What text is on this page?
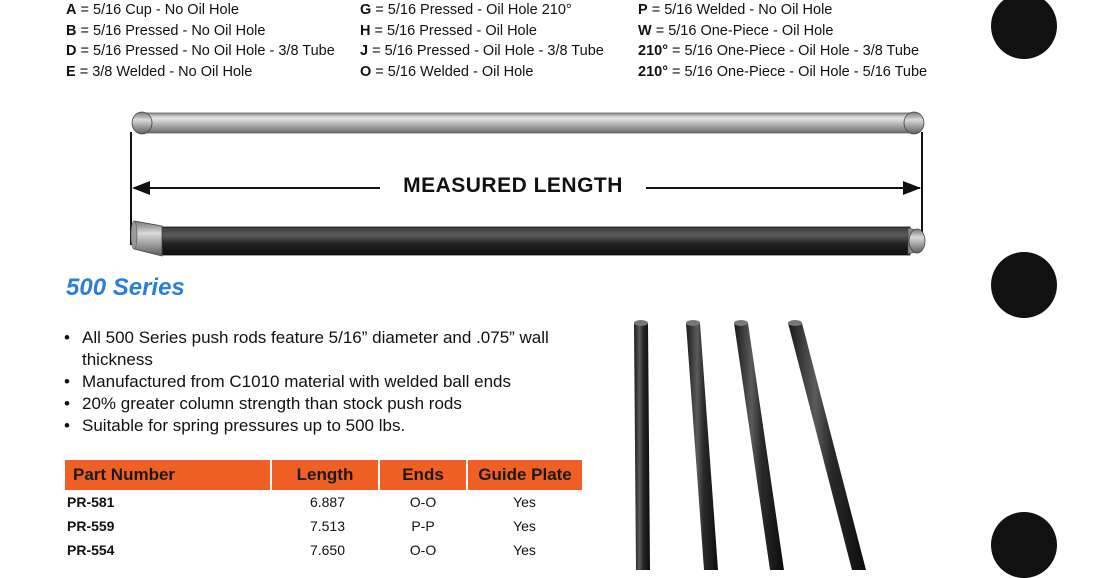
A = 5/16 Cup - No Oil Hole
B = 5/16 Pressed - No Oil Hole
D = 5/16 Pressed - No Oil Hole - 3/8 Tube
E = 3/8 Welded - No Oil Hole
G = 5/16 Pressed - Oil Hole 210°
H = 5/16 Pressed - Oil Hole
J = 5/16 Pressed - Oil Hole - 3/8 Tube
O = 5/16 Welded - Oil Hole
P = 5/16 Welded - No Oil Hole
W = 5/16 One-Piece - Oil Hole
210° = 5/16 One-Piece - Oil Hole - 3/8 Tube
210° = 5/16 One-Piece - Oil Hole - 5/16 Tube
MEASURED LENGTH
500 Series
• All 500 Series push rods feature 5/16” diameter and .075” wall thickness
• Manufactured from C1010 material with welded ball ends
• 20% greater column strength than stock push rods
• Suitable for spring pressures up to 500 lbs.
Part Number	Length	Ends	Guide Plate
PR-581	6.887	O-O	Yes
PR-559	7.513	P-P	Yes
PR-554	7.650	O-O	Yes
